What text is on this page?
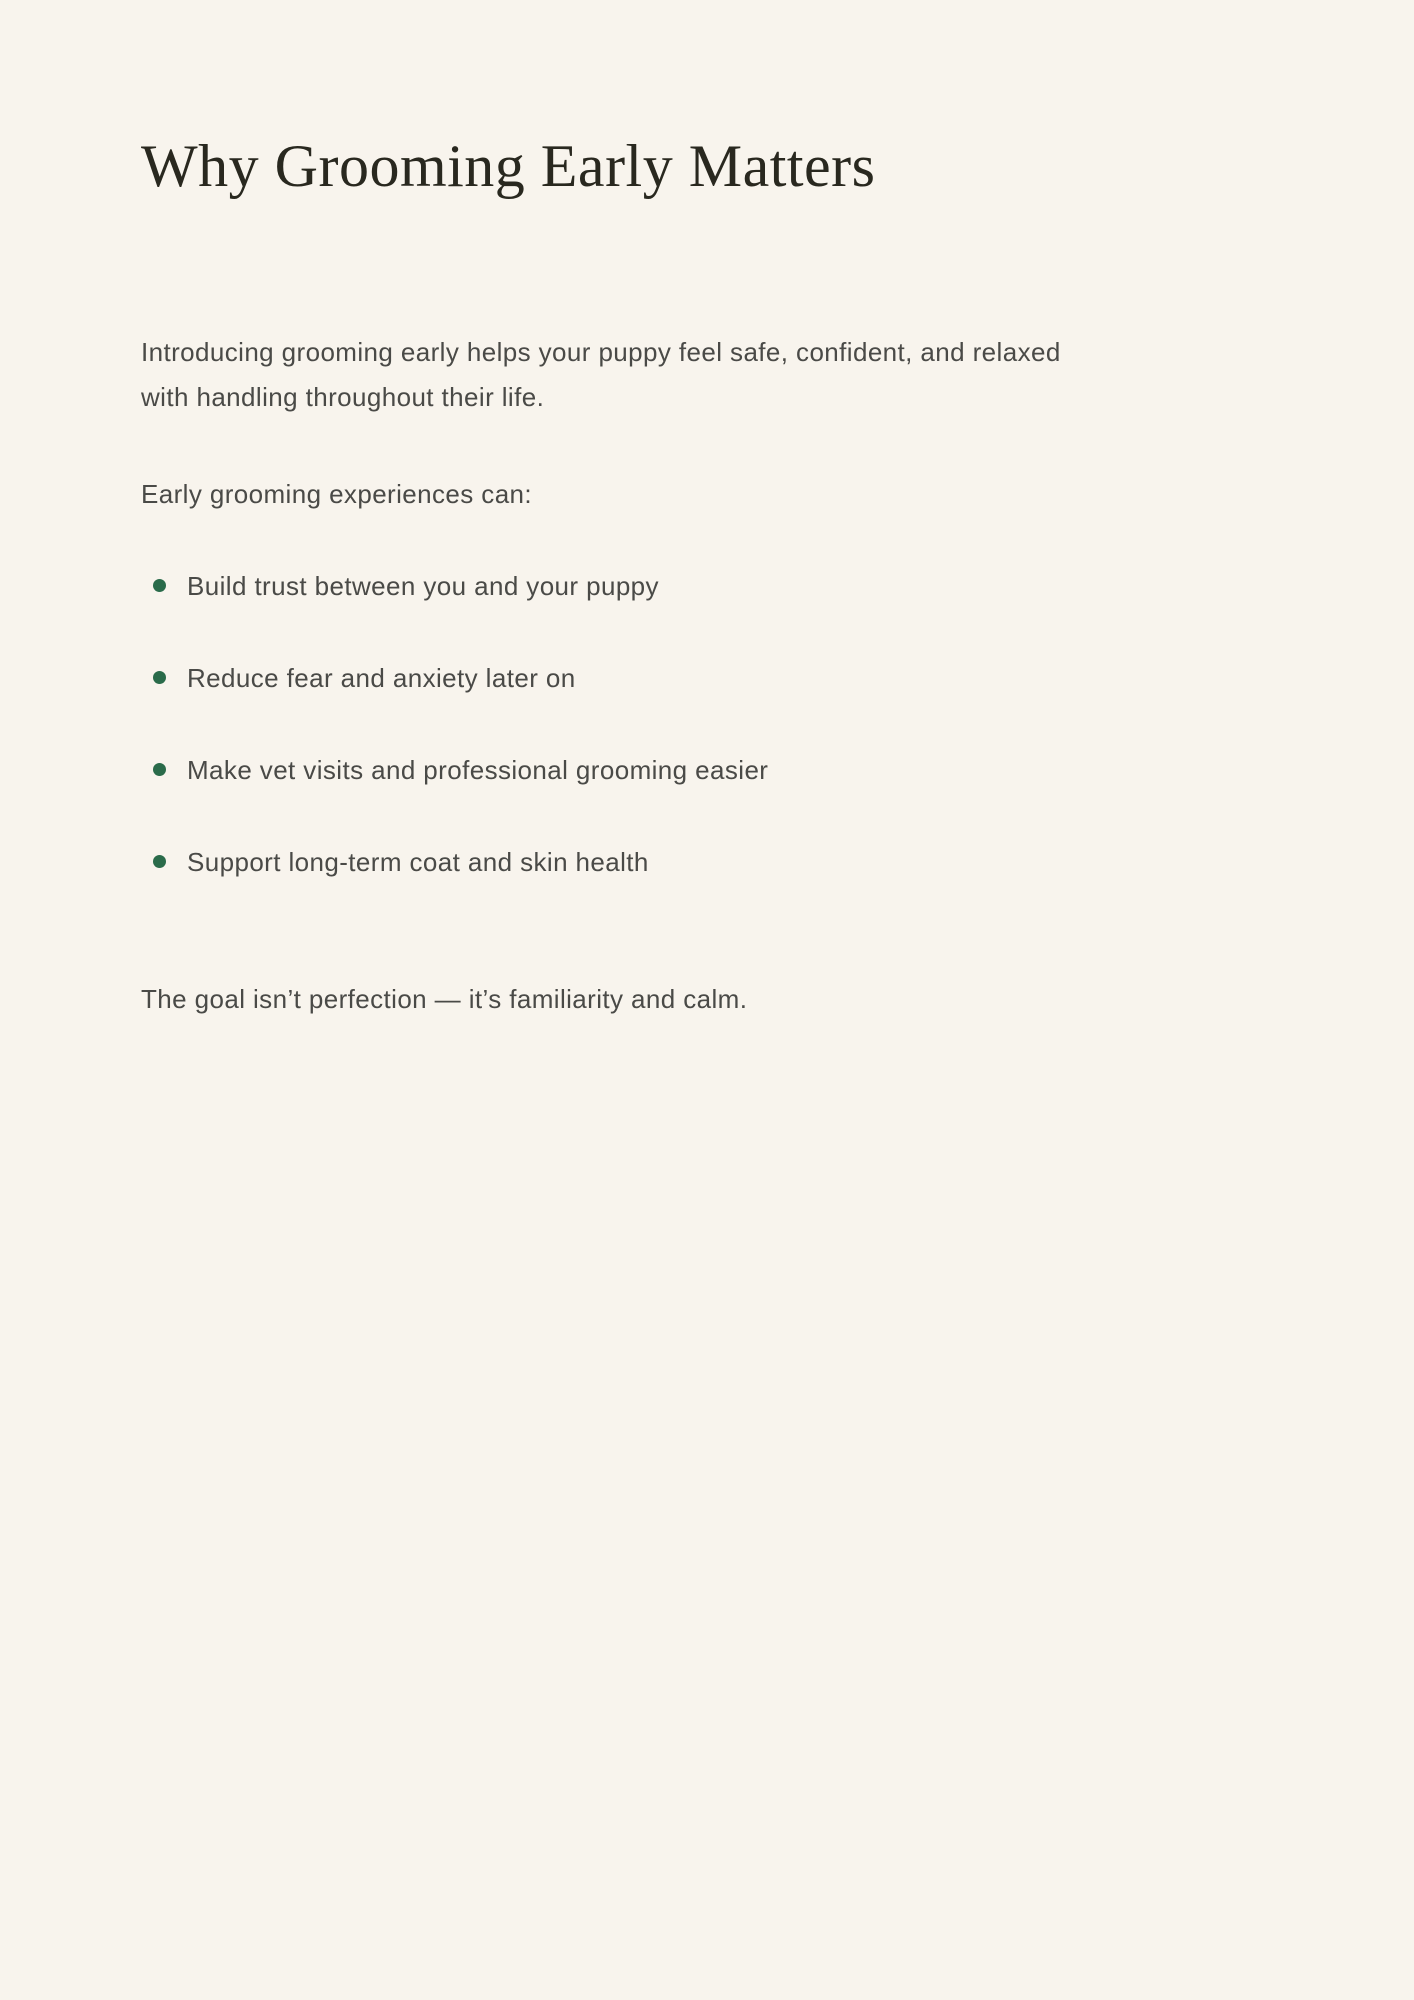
Why Grooming Early Matters

Introducing grooming early helps your puppy feel safe, confident, and relaxed with handling throughout their life.

Early grooming experiences can:

Build trust between you and your puppy
Reduce fear and anxiety later on
Make vet visits and professional grooming easier
Support long-term coat and skin health

The goal isn’t perfection — it’s familiarity and calm.
